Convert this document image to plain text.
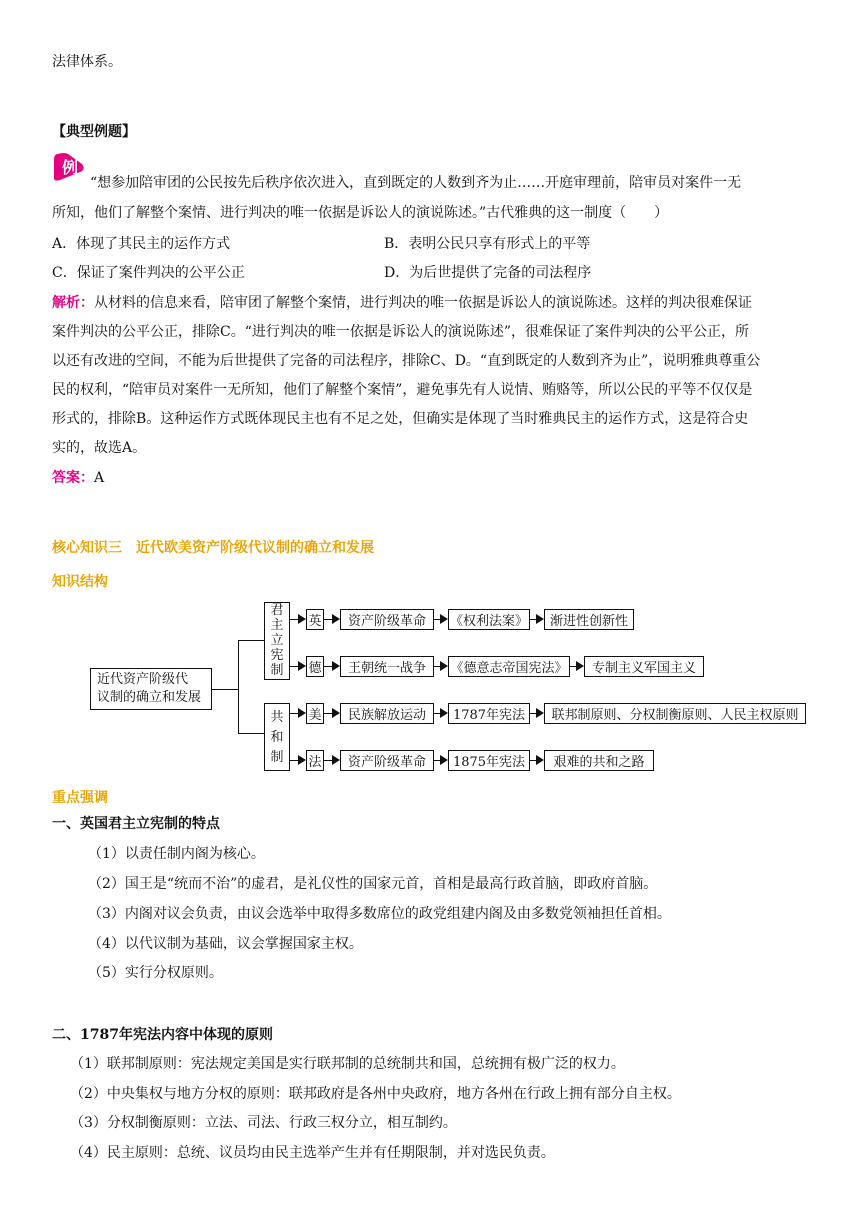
法律体系。
【典型例题】
例
“想参加陪审团的公民按先后秩序依次进入，直到既定的人数到齐为止……开庭审理前，陪审员对案件一无
所知，他们了解整个案情、进行判决的唯一依据是诉讼人的演说陈述。”古代雅典的这一制度（　　）
A．体现了其民主的运作方式	B．表明公民只享有形式上的平等
C．保证了案件判决的公平公正	D．为后世提供了完备的司法程序
解析：从材料的信息来看，陪审团了解整个案情，进行判决的唯一依据是诉讼人的演说陈述。这样的判决很难保证
案件判决的公平公正，排除C。“进行判决的唯一依据是诉讼人的演说陈述”，很难保证了案件判决的公平公正，所
以还有改进的空间，不能为后世提供了完备的司法程序，排除C、D。“直到既定的人数到齐为止”，说明雅典尊重公
民的权利，“陪审员对案件一无所知，他们了解整个案情”，避免事先有人说情、贿赂等，所以公民的平等不仅仅是
形式的，排除B。这种运作方式既体现民主也有不足之处，但确实是体现了当时雅典民主的运作方式，这是符合史
实的，故选A。
答案：A
核心知识三　近代欧美资产阶级代议制的确立和发展
知识结构
近代资产阶级代
议制的确立和发展
君
主
立
宪
制
共
和
制
英	资产阶级革命	《权利法案》	渐进性创新性
德	王朝统一战争	《德意志帝国宪法》	专制主义军国主义
美	民族解放运动	1787年宪法	联邦制原则、分权制衡原则、人民主权原则
法	资产阶级革命	1875年宪法	艰难的共和之路
重点强调
一、英国君主立宪制的特点
（1）以责任制内阁为核心。
（2）国王是“统而不治”的虚君，是礼仪性的国家元首，首相是最高行政首脑，即政府首脑。
（3）内阁对议会负责，由议会选举中取得多数席位的政党组建内阁及由多数党领袖担任首相。
（4）以代议制为基础，议会掌握国家主权。
（5）实行分权原则。
二、1787年宪法内容中体现的原则
（1）联邦制原则：宪法规定美国是实行联邦制的总统制共和国，总统拥有极广泛的权力。
（2）中央集权与地方分权的原则：联邦政府是各州中央政府，地方各州在行政上拥有部分自主权。
（3）分权制衡原则：立法、司法、行政三权分立，相互制约。
（4）民主原则：总统、议员均由民主选举产生并有任期限制，并对选民负责。
